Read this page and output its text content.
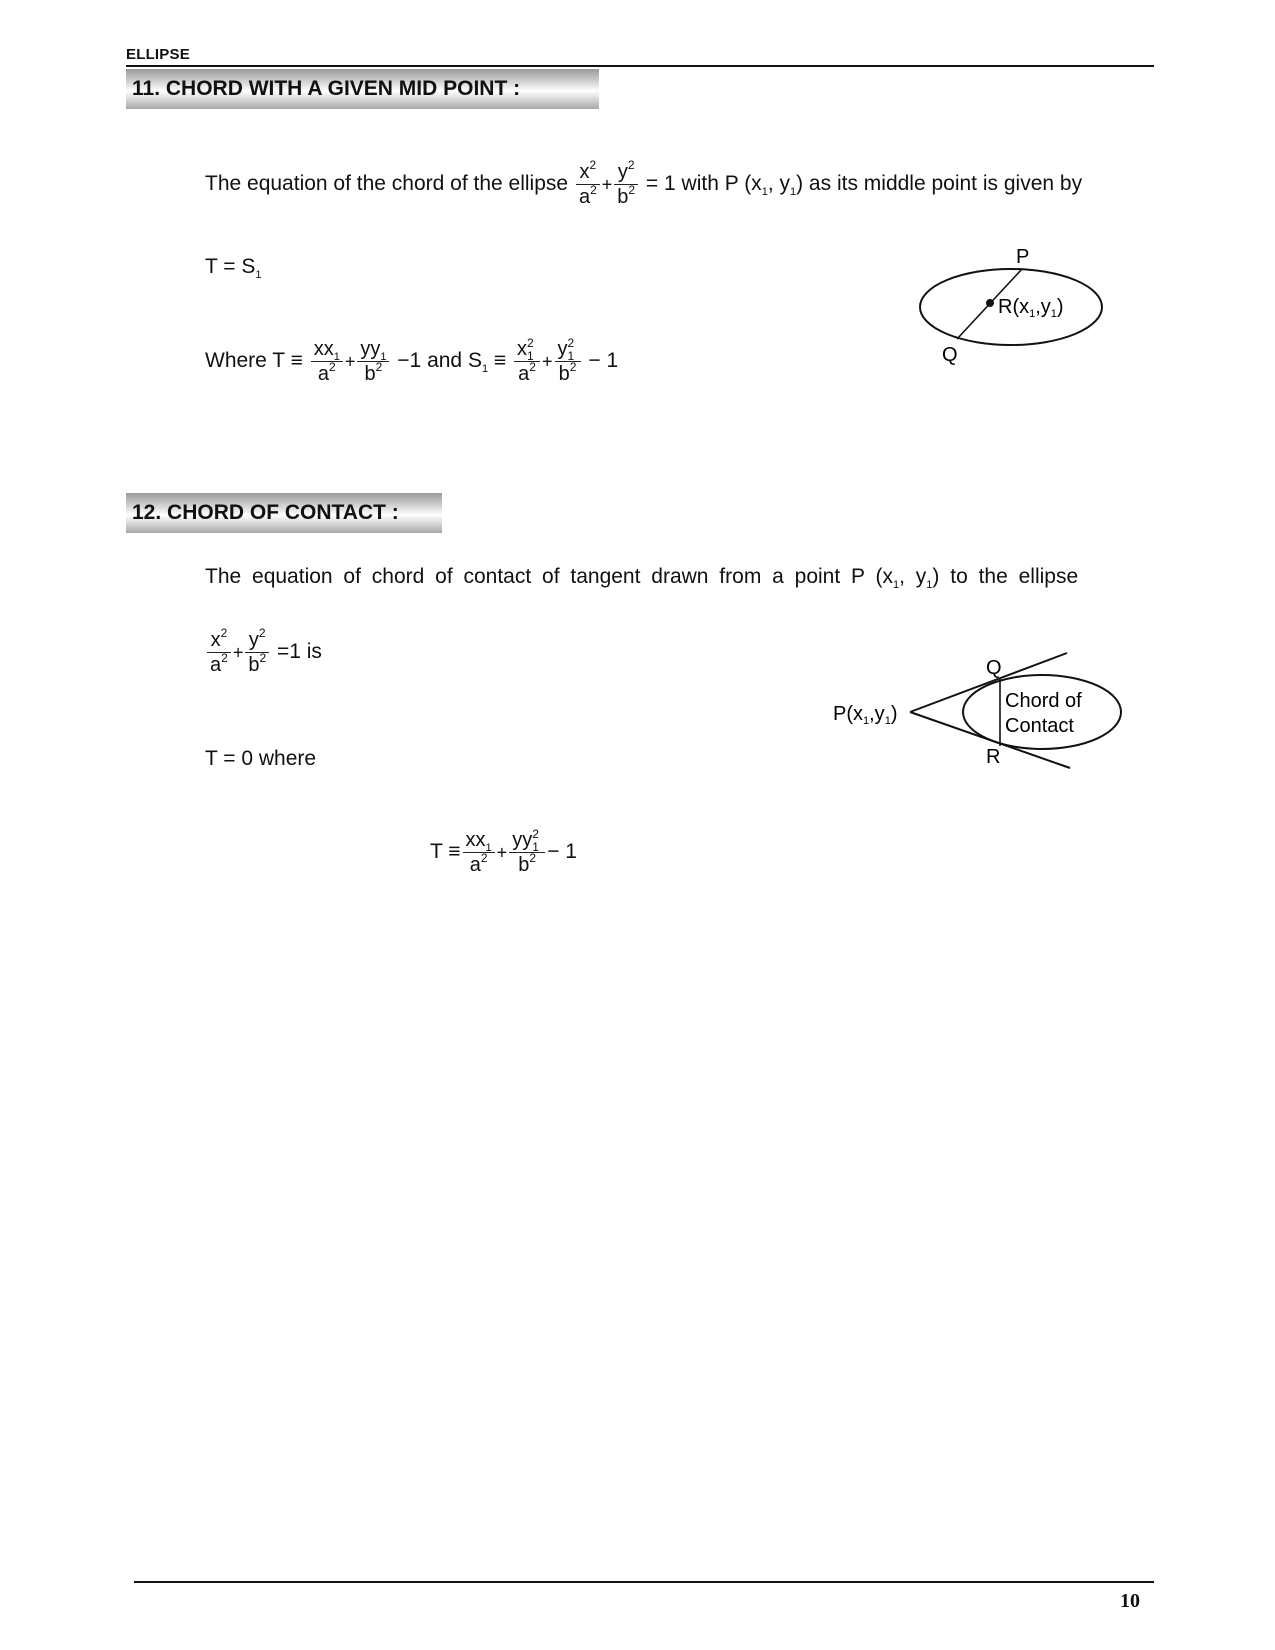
ELLIPSE
11. CHORD WITH A GIVEN MID POINT :
The equation of the chord of the ellipse $\frac{x^2}{a^2} + \frac{y^2}{b^2} = 1$ with P ($x_1$, $y_1$) as its middle point is given by
$T = S_1$
Where $T \equiv \frac{xx_1}{a^2} + \frac{yy_1}{b^2} -1$ and $S_1 \equiv x$ 2
1
$a^2 + y$ 2
1
$b^2 - 1$
P
Q
$R(x_1,y_1)$
12. CHORD OF CONTACT :
The equation of chord of contact of tangent drawn from a point P ($x_1$, $y_1$) to the ellipse
$\frac{x^2}{a^2} + \frac{y^2}{b^2} =1$ is
T = 0 where
$T \equiv \frac{xx_1}{a^2}$ + yy 2
1
$b^2 - 1$
Q
R
$P(x_1,y_1)$
Chord of
Contact
10
